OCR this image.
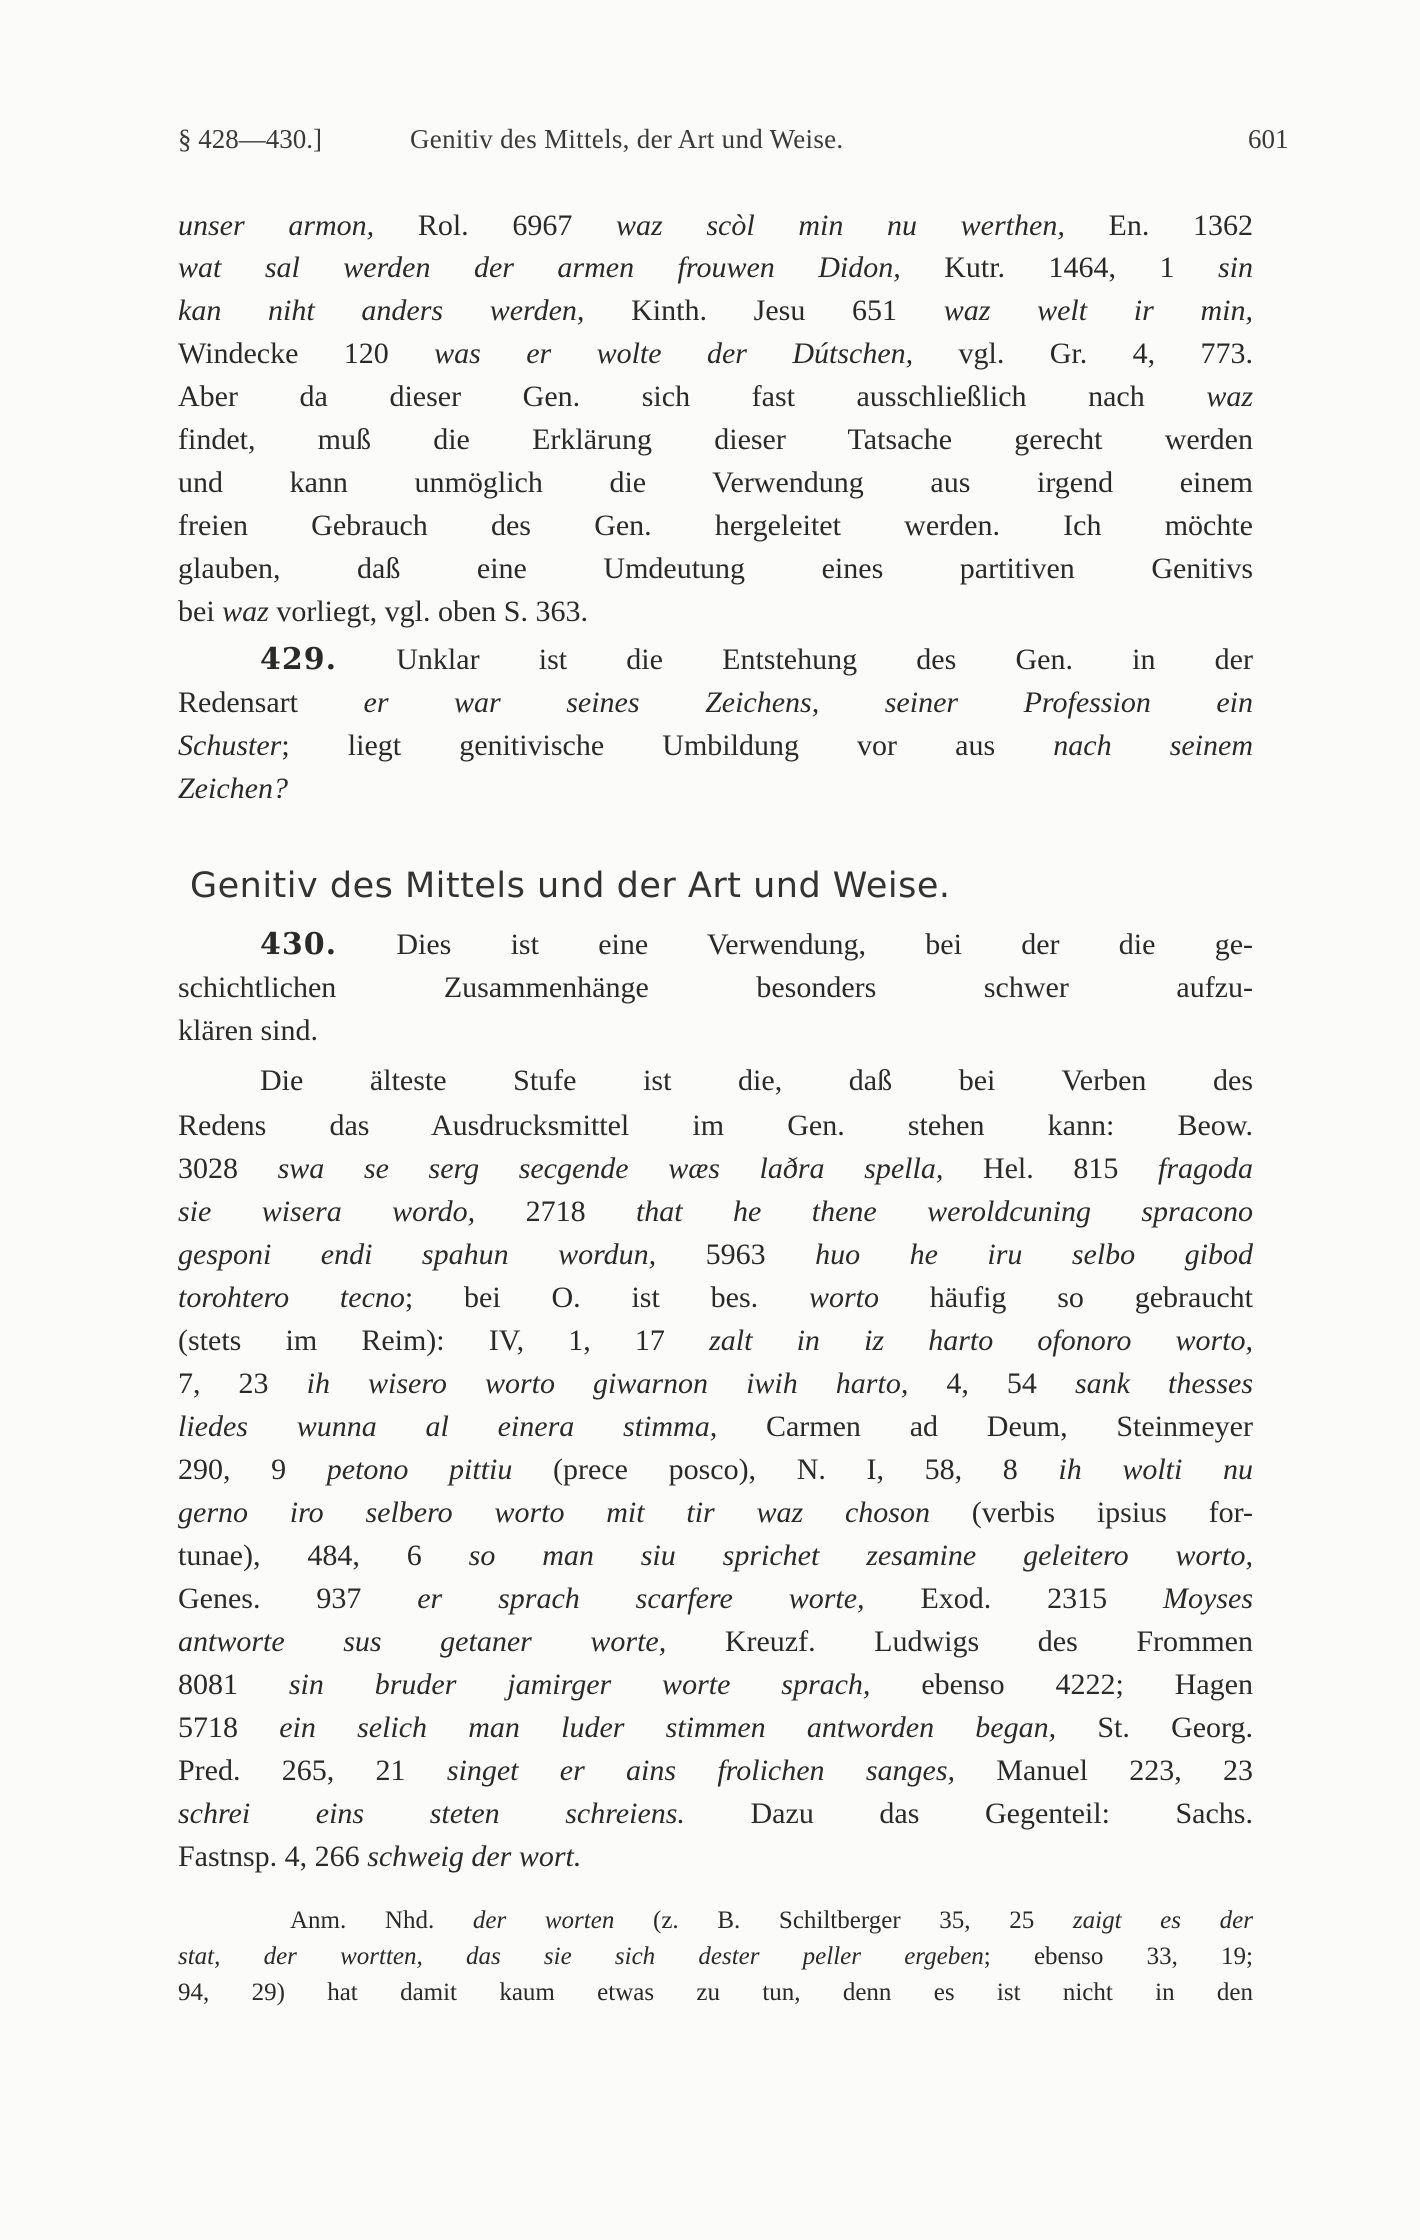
§ 428—430.]	Genitiv des Mittels, der Art und Weise.	601
unser armon, Rol. 6967 waz scòl min nu werthen, En. 1362
wat sal werden der armen frouwen Didon, Kutr. 1464, 1 sin
kan niht anders werden, Kinth. Jesu 651 waz welt ir min,
Windecke 120 was er wolte der Dútschen, vgl. Gr. 4, 773.
Aber da dieser Gen. sich fast ausschließlich nach waz
findet, muß die Erklärung dieser Tatsache gerecht werden
und kann unmöglich die Verwendung aus irgend einem
freien Gebrauch des Gen. hergeleitet werden. Ich möchte
glauben, daß eine Umdeutung eines partitiven Genitivs
bei waz vorliegt, vgl. oben S. 363.
429. Unklar ist die Entstehung des Gen. in der
Redensart er war seines Zeichens, seiner Profession ein
Schuster; liegt genitivische Umbildung vor aus nach seinem
Zeichen?
430. Dies ist eine Verwendung, bei der die ge-
schichtlichen Zusammenhänge besonders schwer aufzu-
klären sind.
Die älteste Stufe ist die, daß bei Verben des
Redens das Ausdrucksmittel im Gen. stehen kann: Beow.
3028 swa se serg secgende wæs laðra spella, Hel. 815 fragoda
sie wisera wordo, 2718 that he thene weroldcuning spracono
gesponi endi spahun wordun, 5963 huo he iru selbo gibod
torohtero tecno; bei O. ist bes. worto häufig so gebraucht
(stets im Reim): IV, 1, 17 zalt in iz harto ofonoro worto,
7, 23 ih wisero worto giwarnon iwih harto, 4, 54 sank thesses
liedes wunna al einera stimma, Carmen ad Deum, Steinmeyer
290, 9 petono pittiu (prece posco), N. I, 58, 8 ih wolti nu
gerno iro selbero worto mit tir waz choson (verbis ipsius for-
tunae), 484, 6 so man siu sprichet zesamine geleitero worto,
Genes. 937 er sprach scarfere worte, Exod. 2315 Moyses
antworte sus getaner worte, Kreuzf. Ludwigs des Frommen
8081 sin bruder jamirger worte sprach, ebenso 4222; Hagen
5718 ein selich man luder stimmen antworden began, St. Georg.
Pred. 265, 21 singet er ains frolichen sanges, Manuel 223, 23
schrei eins steten schreiens. Dazu das Gegenteil: Sachs.
Fastnsp. 4, 266 schweig der wort.
Genitiv des Mittels und der Art und Weise.
Anm. Nhd. der worten (z. B. Schiltberger 35, 25 zaigt es der
stat, der wortten, das sie sich dester peller ergeben; ebenso 33, 19;
94, 29) hat damit kaum etwas zu tun, denn es ist nicht in den
